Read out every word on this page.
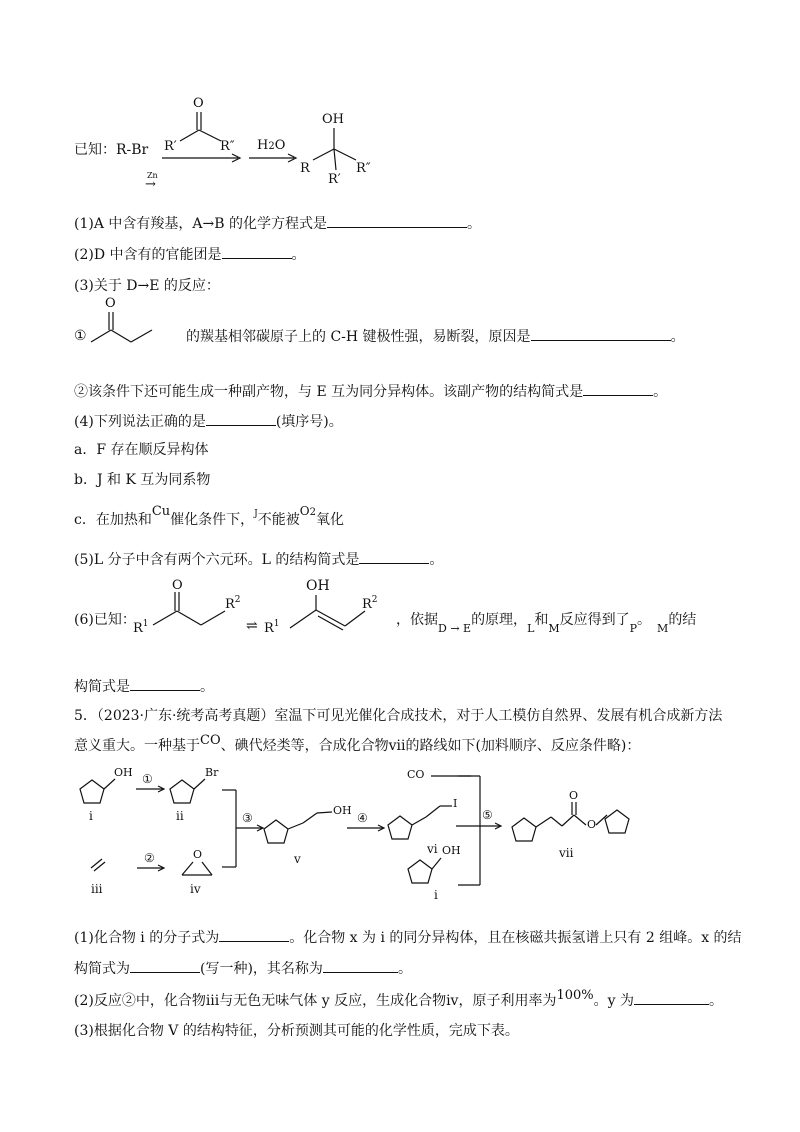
已知：R-Br
Zn
→
O
R′	R″ H2O
OH
R
R′
R″
(1)A 中含有羧基，A→B 的化学方程式是	。
(2)D 中含有的官能团是	。
(3)关于 D→E 的反应：
①
O
的羰基相邻碳原子上的 C-H 键极性强，易断裂，原因是	。
②该条件下还可能生成一种副产物，与 E 互为同分异构体。该副产物的结构简式是	。
(4)下列说法正确的是	(填序号)。
a．F 存在顺反异构体
b．J 和 K 互为同系物
c．在加热和Cu催化条件下，$^J$不能被O2氧化
(5)L 分子中含有两个六元环。L 的结构简式是	。
(6)已知：
$R^1$
$R^2$
O
⇌ $R^1$
OH
$R^2$
，依据$_{D \to E}$的原理，$_L$和$_M$反应得到了$_P$。$_M$的结
构简式是	。
5．（2023·广东·统考高考真题）室温下可见光催化合成技术，对于人工模仿自然界、发展有机合成新方法
意义重大。一种基于CO、碘代烃类等，合成化合物vii的路线如下(加料顺序、反应条件略)：
OH
i
①	Br
ii
iii
②	O
iv
③
OH
v
④
I
vi
CO
OH
i
⑤
O
O
vii
(1)化合物 i 的分子式为	。化合物 x 为 i 的同分异构体，且在核磁共振氢谱上只有 2 组峰。x 的结
构简式为	(写一种)，其名称为	。
(2)反应②中，化合物iii与无色无味气体 y 反应，生成化合物iv，原子利用率为100%。y 为	。
(3)根据化合物 V 的结构特征，分析预测其可能的化学性质，完成下表。
